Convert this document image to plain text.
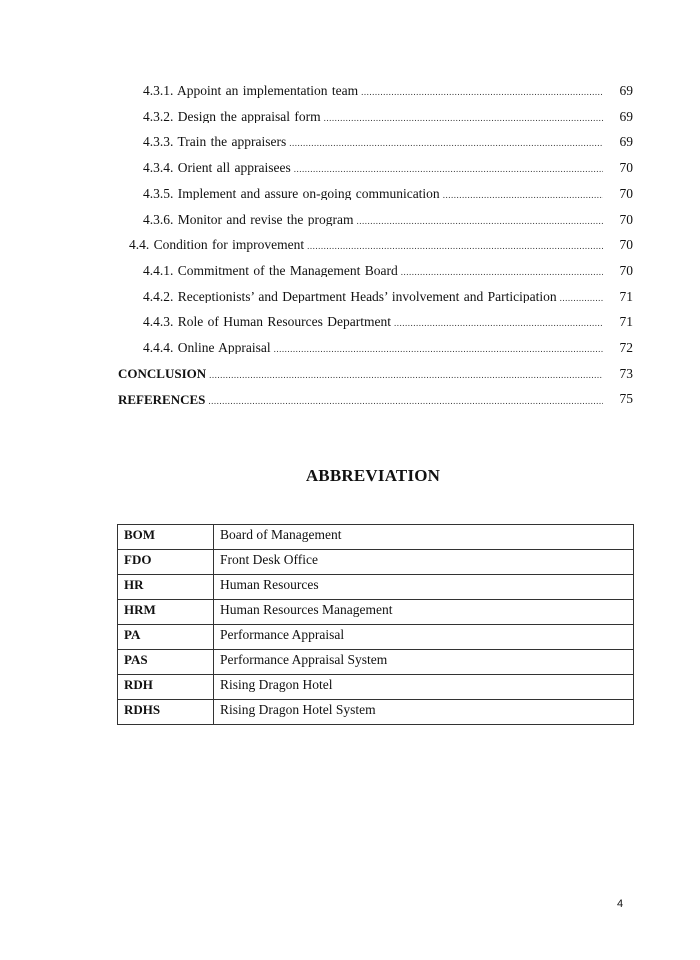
4.3.1. Appoint an implementation team .....	69
4.3.2. Design the appraisal form .....	69
4.3.3. Train the appraisers .....	69
4.3.4. Orient all appraisees .....	70
4.3.5. Implement and assure on-going communication .....	70
4.3.6. Monitor and revise the program .....	70
4.4. Condition for improvement .....	70
4.4.1. Commitment of the Management Board .....	70
4.4.2. Receptionists’ and Department Heads’ involvement and Participation .....	71
4.4.3. Role of Human Resources Department .....	71
4.4.4. Online Appraisal .....	72
CONCLUSION .....	73
REFERENCES .....	75
ABBREVIATION
BOM	Board of Management
FDO	Front Desk Office
HR	Human Resources
HRM	Human Resources Management
PA	Performance Appraisal
PAS	Performance Appraisal System
RDH	Rising Dragon Hotel
RDHS	Rising Dragon Hotel System
4
